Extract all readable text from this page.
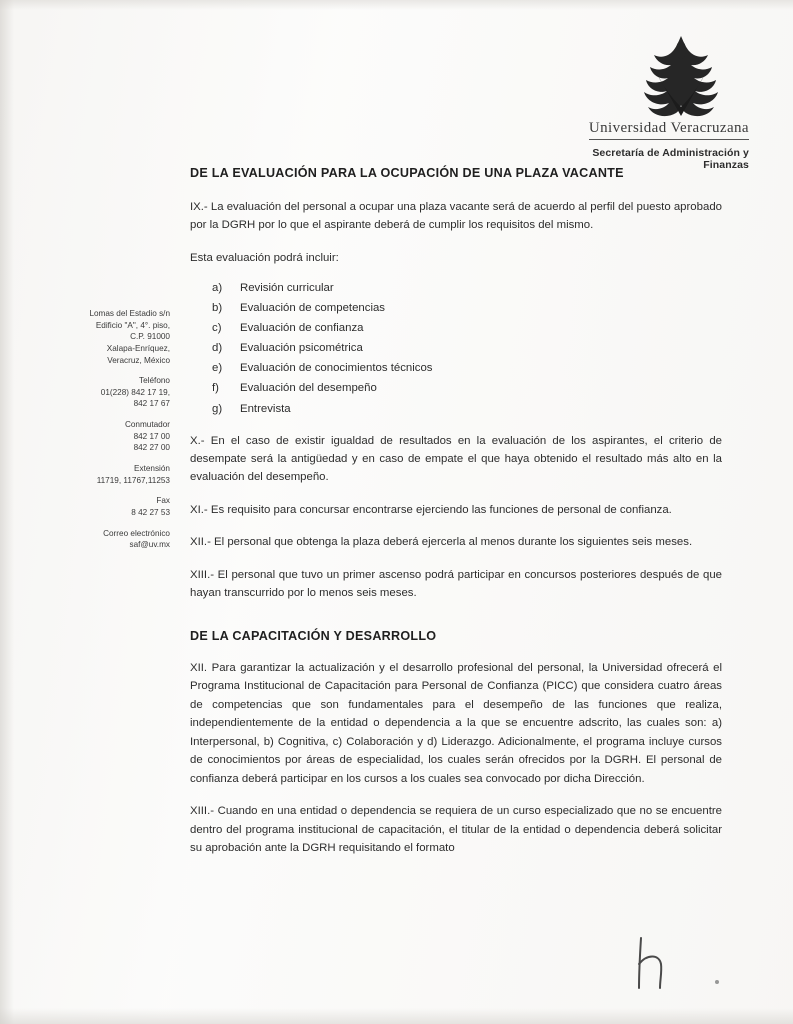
Universidad Veracruzana
Secretaría de Administración y Finanzas
Lomas del Estadio s/n
Edificio "A", 4°. piso,
C.P. 91000
Xalapa-Enríquez,
Veracruz, México
Teléfono
01(228) 842 17 19,
842 17 67
Conmutador
842 17 00
842 27 00
Extensión
11719, 11767,11253
Fax
8 42 27 53
Correo electrónico
saf@uv.mx
DE LA EVALUACIÓN PARA LA OCUPACIÓN DE UNA PLAZA VACANTE

IX.- La evaluación del personal a ocupar una plaza vacante será de acuerdo al perfil del puesto aprobado por la DGRH por lo que el aspirante deberá de cumplir los requisitos del mismo.

Esta evaluación podrá incluir:

a)	Revisión curricular
b)	Evaluación de competencias
c)	Evaluación de confianza
d)	Evaluación psicométrica
e)	Evaluación de conocimientos técnicos
f)	Evaluación del desempeño
g)	Entrevista

X.- En el caso de existir igualdad de resultados en la evaluación de los aspirantes, el criterio de desempate será la antigüedad y en caso de empate el que haya obtenido el resultado más alto en la evaluación del desempeño.

XI.- Es requisito para concursar encontrarse ejerciendo las funciones de personal de confianza.

XII.- El personal que obtenga la plaza deberá ejercerla al menos durante los siguientes seis meses.

XIII.- El personal que tuvo un primer ascenso podrá participar en concursos posteriores después de que hayan transcurrido por lo menos seis meses.

DE LA CAPACITACIÓN Y DESARROLLO

XII. Para garantizar la actualización y el desarrollo profesional del personal, la Universidad ofrecerá el Programa Institucional de Capacitación para Personal de Confianza (PICC) que considera cuatro áreas de competencias que son fundamentales para el desempeño de las funciones que realiza, independientemente de la entidad o dependencia a la que se encuentre adscrito, las cuales son: a) Interpersonal, b) Cognitiva, c) Colaboración y d) Liderazgo. Adicionalmente, el programa incluye cursos de conocimientos por áreas de especialidad, los cuales serán ofrecidos por la DGRH. El personal de confianza deberá participar en los cursos a los cuales sea convocado por dicha Dirección.

XIII.- Cuando en una entidad o dependencia se requiera de un curso especializado que no se encuentre dentro del programa institucional de capacitación, el titular de la entidad o dependencia deberá solicitar su aprobación ante la DGRH requisitando el formato
